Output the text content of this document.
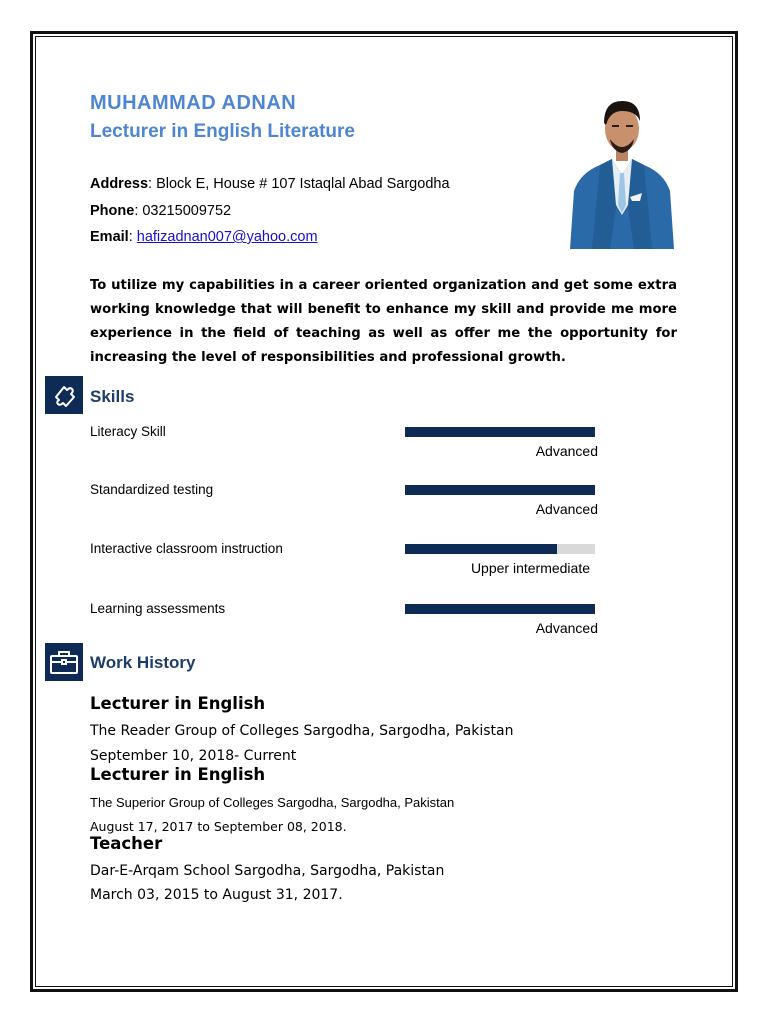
MUHAMMAD ADNAN
Lecturer in English Literature
Address: Block E, House # 107 Istaqlal Abad Sargodha
Phone: 03215009752
Email: hafizadnan007@yahoo.com
To utilize my capabilities in a career oriented organization and get some extra working knowledge that will benefit to enhance my skill and provide me more experience in the field of teaching as well as offer me the opportunity for increasing the level of responsibilities and professional growth.
Skills
Literacy Skill
Advanced
Standardized testing
Advanced
Interactive classroom instruction
Upper intermediate
Learning assessments
Advanced
Work History
Lecturer in English
The Reader Group of Colleges Sargodha, Sargodha, Pakistan
September 10, 2018- Current
Lecturer in English
The Superior Group of Colleges Sargodha, Sargodha, Pakistan
August 17, 2017 to September 08, 2018.
Teacher
Dar-E-Arqam School Sargodha, Sargodha, Pakistan
March 03, 2015 to August 31, 2017.
